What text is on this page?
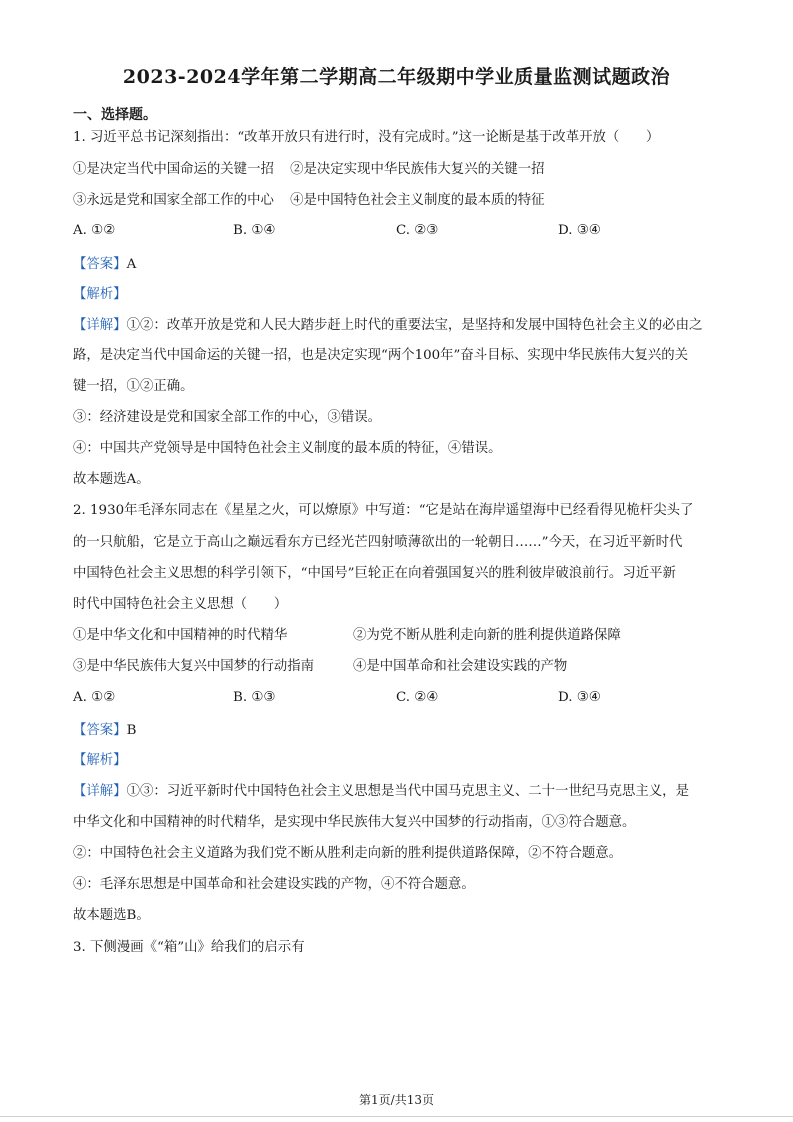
2023-2024学年第二学期高二年级期中学业质量监测试题政治
一、选择题。
1. 习近平总书记深刻指出：“改革开放只有进行时，没有完成时。”这一论断是基于改革开放（　　）
①是决定当代中国命运的关键一招 ②是决定实现中华民族伟大复兴的关键一招
③永远是党和国家全部工作的中心 ④是中国特色社会主义制度的最本质的特征
A. ①②	B. ①④	C. ②③	D. ③④
【答案】A
【解析】
【详解】①②：改革开放是党和人民大踏步赶上时代的重要法宝，是坚持和发展中国特色社会主义的必由之
路，是决定当代中国命运的关键一招，也是决定实现“两个100年”奋斗目标、实现中华民族伟大复兴的关
键一招，①②正确。
③：经济建设是党和国家全部工作的中心，③错误。
④：中国共产党领导是中国特色社会主义制度的最本质的特征，④错误。
故本题选A。
2. 1930年毛泽东同志在《星星之火，可以燎原》中写道：“它是站在海岸遥望海中已经看得见桅杆尖头了
的一只航船，它是立于高山之巅远看东方已经光芒四射喷薄欲出的一轮朝日……”今天，在习近平新时代
中国特色社会主义思想的科学引领下，“中国号”巨轮正在向着强国复兴的胜利彼岸破浪前行。习近平新
时代中国特色社会主义思想（　　）
①是中华文化和中国精神的时代精华	②为党不断从胜利走向新的胜利提供道路保障
③是中华民族伟大复兴中国梦的行动指南	④是中国革命和社会建设实践的产物
A. ①②	B. ①③	C. ②④	D. ③④
【答案】B
【解析】
【详解】①③：习近平新时代中国特色社会主义思想是当代中国马克思主义、二十一世纪马克思主义，是
中华文化和中国精神的时代精华，是实现中华民族伟大复兴中国梦的行动指南，①③符合题意。
②：中国特色社会主义道路为我们党不断从胜利走向新的胜利提供道路保障，②不符合题意。
④：毛泽东思想是中国革命和社会建设实践的产物，④不符合题意。
故本题选B。
3. 下侧漫画《“箱”山》给我们的启示有
第1页/共13页
